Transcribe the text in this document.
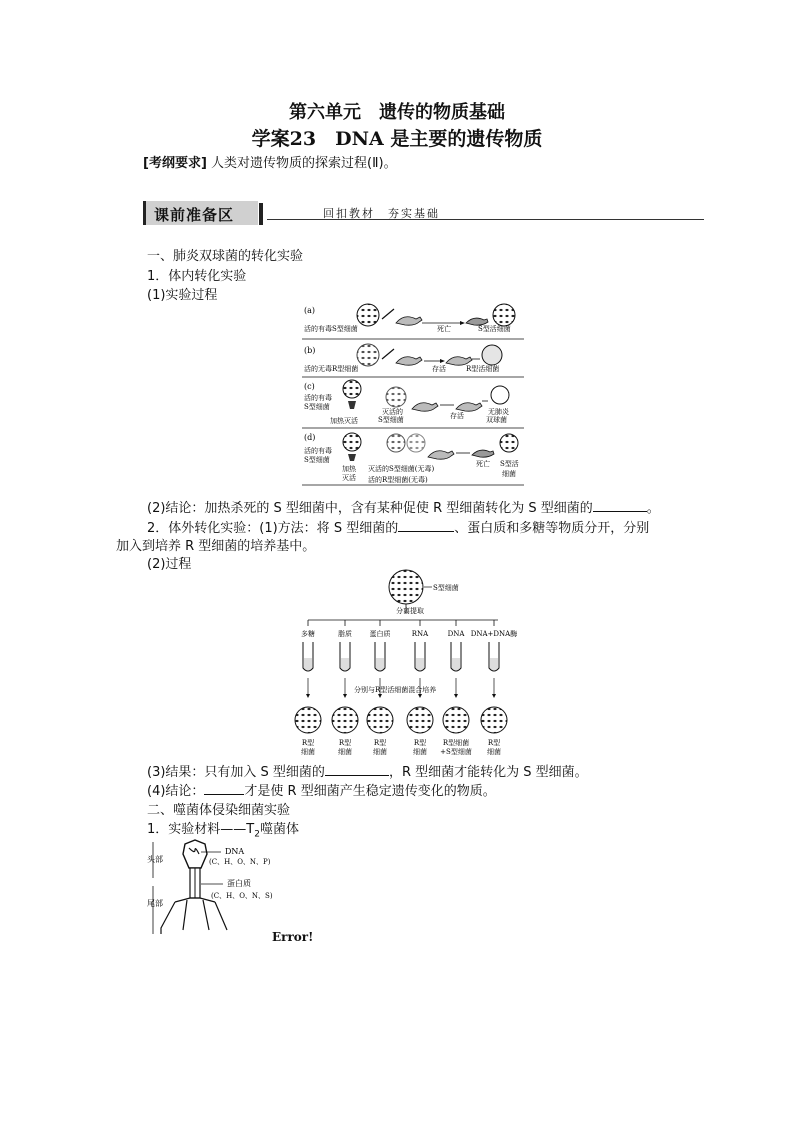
第六单元　遗传的物质基础
学案23　DNA 是主要的遗传物质
[考纲要求] 人类对遗传物质的探索过程(Ⅱ)。
课前准备区	回扣教材　夯实基础
一、肺炎双球菌的转化实验
1．体内转化实验
(1)实验过程
(a)
活的有毒S型细菌	死亡	S型活细菌
(b)
活的无毒R型细菌	存活	R型活细菌
(c)
活的有毒
S型细菌
加热灭活
灭活的
S型细菌	存活	无肺炎
双球菌
(d)
活的有毒
S型细菌
加热
灭活
灭活的S型细菌(无毒)
活的R型细菌(无毒)
死亡 S型活
细菌
(2)结论：加热杀死的 S 型细菌中，含有某种促使 R 型细菌转化为 S 型细菌的	。
2．体外转化实验：(1)方法：将 S 型细菌的	、蛋白质和多糖等物质分开，分别
加入到培养 R 型细菌的培养基中。
(2)过程
S型细菌
分离提取
多糖	脂质	蛋白质	RNA	DNA DNA+DNA酶
分别与R型活细菌混合培养
R型
细菌
R型
细菌
R型
细菌
R型
细菌
R型细菌
+S型细菌
R型
细菌
(3)结果：只有加入 S 型细菌的	，R 型细菌才能转化为 S 型细菌。
(4)结论：	才是使 R 型细菌产生稳定遗传变化的物质。
二、噬菌体侵染细菌实验
1．实验材料$——T_2$噬菌体
头部
尾部
DNA
(C、H、O、N、P)
蛋白质
(C、H、O、N、S)
Error!
